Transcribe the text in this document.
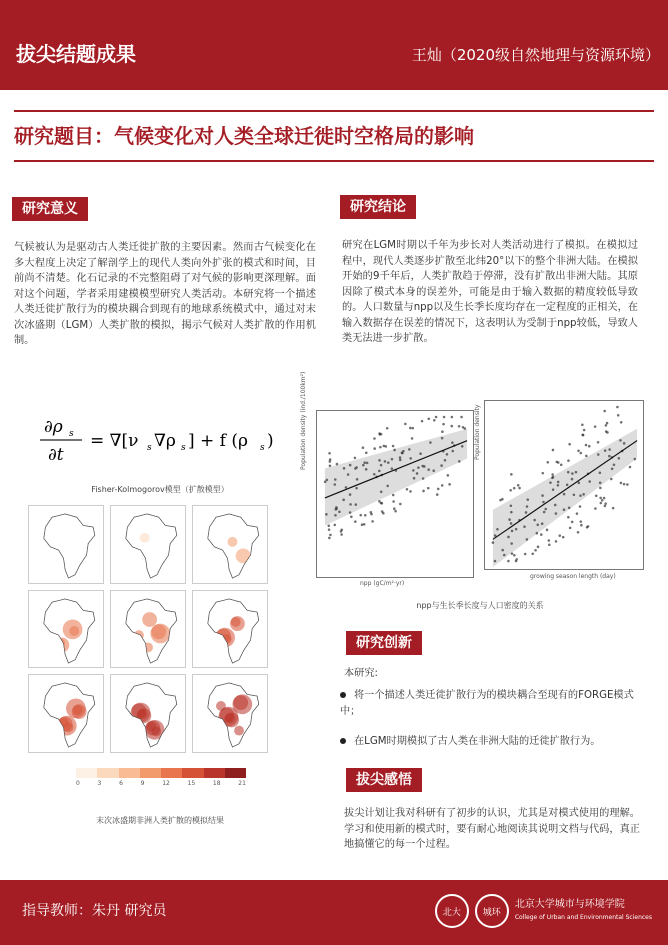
拔尖结题成果	王灿（2020级自然地理与资源环境）
研究题目：气候变化对人类全球迁徙时空格局的影响
研究意义
气候被认为是驱动古人类迁徙扩散的主要因素。然而古气候变化在多大程度上决定了解剖学上的现代人类向外扩张的模式和时间，目前尚不清楚。化石记录的不完整阻碍了对气候的影响更深理解。面对这个问题，学者采用建模模型研究人类活动。本研究将一个描述人类迁徙扩散行为的模块耦合到现有的地球系统模式中，通过对末次冰盛期（LGM）人类扩散的模拟，揭示气候对人类扩散的作用机制。
研究结论
研究在LGM时期以千年为步长对人类活动进行了模拟。在模拟过程中，现代人类逐步扩散至北纬20°以下的整个非洲大陆。在模拟开始的9千年后，人类扩散趋于停滞，没有扩散出非洲大陆。其原因除了模式本身的误差外，可能是由于输入数据的精度较低导致的。人口数量与npp以及生长季长度均存在一定程度的正相关，在输入数据存在误差的情况下，这表明认为受制于npp较低，导致人类无法进一步扩散。
∂ρ s
∂t
= ∇[ν s ∇ρ s ] + f (ρ s )
Fisher-Kolmogorov模型（扩散模型）
0	3	6	9	12	15	18	21
末次冰盛期非洲人类扩散的模拟结果
Population density (ind./100km²)
npp (gC/m²·yr)
Population density
growing season length (day)
npp与生长季长度与人口密度的关系
研究创新
本研究:
将一个描述人类迁徙扩散行为的模块耦合至现有的FORGE模式中；
在LGM时期模拟了古人类在非洲大陆的迁徙扩散行为。
拔尖感悟
拔尖计划让我对科研有了初步的认识，尤其是对模式使用的理解。学习和使用新的模式时，要有耐心地阅读其说明文档与代码，真正地搞懂它的每一个过程。
指导教师：朱丹 研究员	北大	城环
北京大学城市与环境学院
College of Urban and Environmental Sciences
